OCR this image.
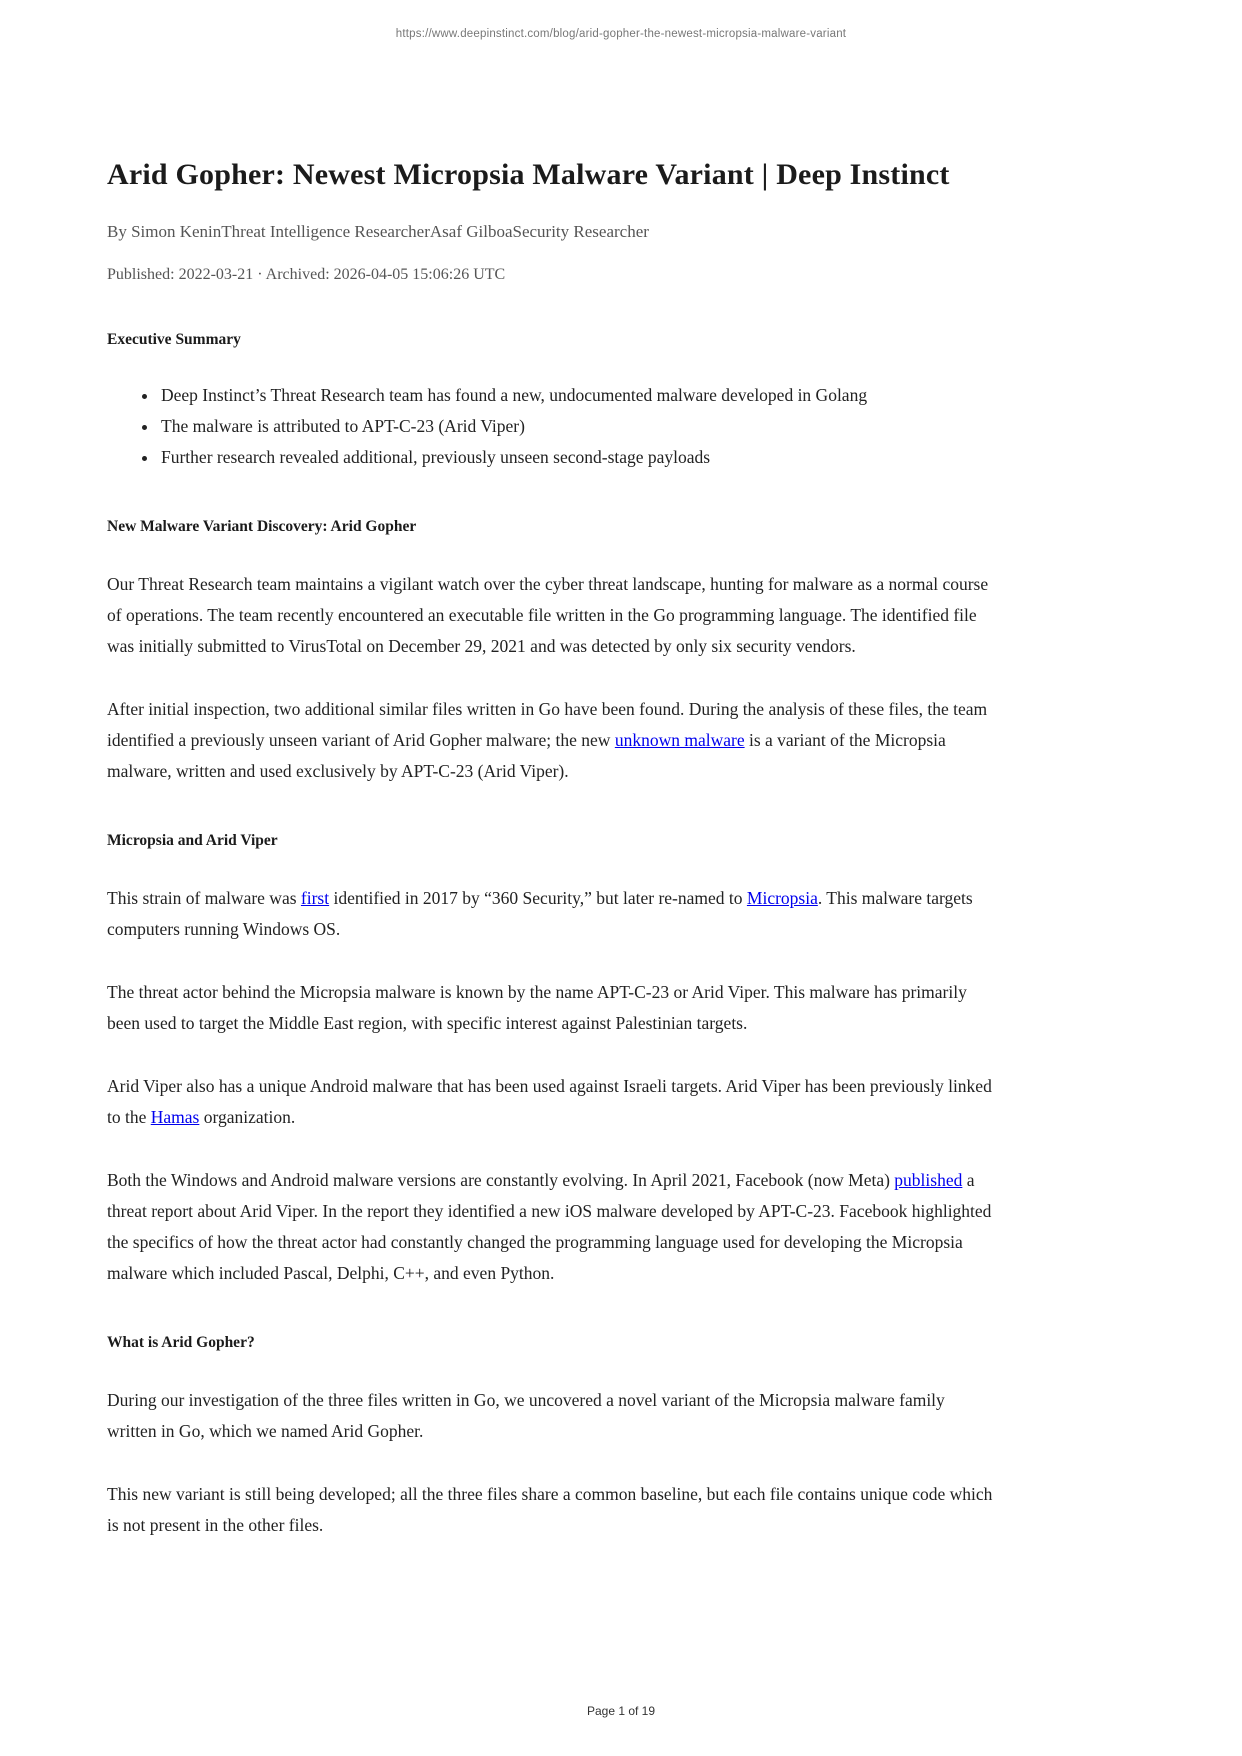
https://www.deepinstinct.com/blog/arid-gopher-the-newest-micropsia-malware-variant
Arid Gopher: Newest Micropsia Malware Variant | Deep Instinct

By Simon KeninThreat Intelligence ResearcherAsaf GilboaSecurity Researcher

Published: 2022-03-21 · Archived: 2026-04-05 15:06:26 UTC

Executive Summary
• Deep Instinct’s Threat Research team has found a new, undocumented malware developed in Golang
• The malware is attributed to APT-C-23 (Arid Viper)
• Further research revealed additional, previously unseen second-stage payloads
New Malware Variant Discovery: Arid Gopher

Our Threat Research team maintains a vigilant watch over the cyber threat landscape, hunting for malware as a normal course of operations. The team recently encountered an executable file written in the Go programming language. The identified file was initially submitted to VirusTotal on December 29, 2021 and was detected by only six security vendors.

After initial inspection, two additional similar files written in Go have been found. During the analysis of these files, the team identified a previously unseen variant of Arid Gopher malware; the new unknown malware is a variant of the Micropsia malware, written and used exclusively by APT-C-23 (Arid Viper).

Micropsia and Arid Viper

This strain of malware was first identified in 2017 by “360 Security,” but later re-named to Micropsia. This malware targets computers running Windows OS.

The threat actor behind the Micropsia malware is known by the name APT-C-23 or Arid Viper. This malware has primarily been used to target the Middle East region, with specific interest against Palestinian targets.

Arid Viper also has a unique Android malware that has been used against Israeli targets. Arid Viper has been previously linked to the Hamas organization.

Both the Windows and Android malware versions are constantly evolving. In April 2021, Facebook (now Meta) published a threat report about Arid Viper. In the report they identified a new iOS malware developed by APT-C-23. Facebook highlighted the specifics of how the threat actor had constantly changed the programming language used for developing the Micropsia malware which included Pascal, Delphi, C++, and even Python.

What is Arid Gopher?

During our investigation of the three files written in Go, we uncovered a novel variant of the Micropsia malware family written in Go, which we named Arid Gopher.

This new variant is still being developed; all the three files share a common baseline, but each file contains unique code which is not present in the other files.

Page 1 of 19
